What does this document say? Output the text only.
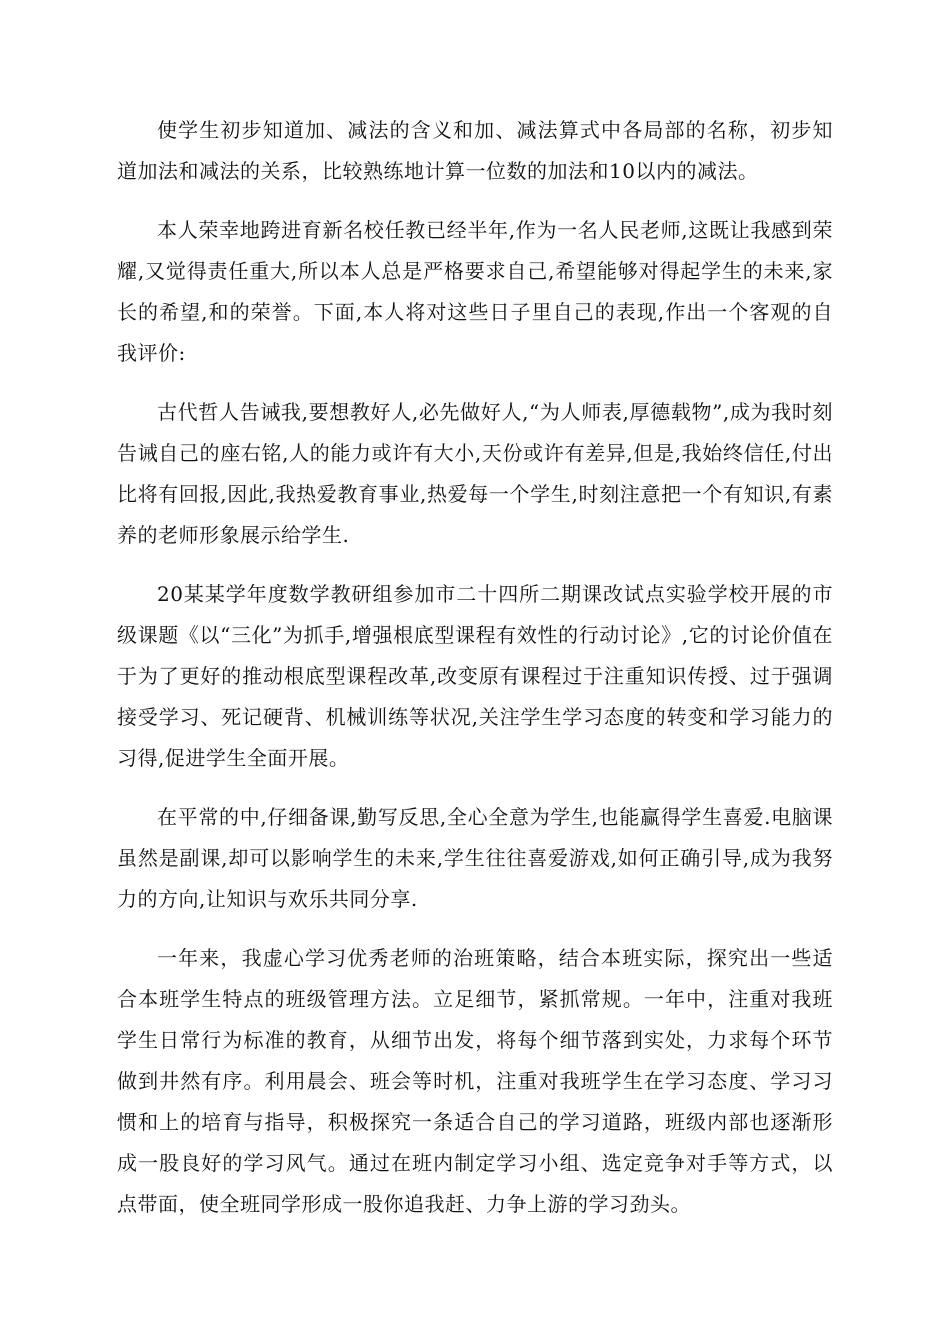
使学生初步知道加、减法的含义和加、减法算式中各局部的名称，初步知道加法和减法的关系，比较熟练地计算一位数的加法和10以内的减法。

本人荣幸地跨进育新名校任教已经半年,作为一名人民老师,这既让我感到荣耀,又觉得责任重大,所以本人总是严格要求自己,希望能够对得起学生的未来,家长的希望,和的荣誉。下面,本人将对这些日子里自己的表现,作出一个客观的自我评价:

古代哲人告诫我,要想教好人,必先做好人,“为人师表,厚德载物”,成为我时刻告诫自己的座右铭,人的能力或许有大小,天份或许有差异,但是,我始终信任,付出比将有回报,因此,我热爱教育事业,热爱每一个学生,时刻注意把一个有知识,有素养的老师形象展示给学生.

20某某学年度数学教研组参加市二十四所二期课改试点实验学校开展的市级课题《以“三化”为抓手,增强根底型课程有效性的行动讨论》,它的讨论价值在于为了更好的推动根底型课程改革,改变原有课程过于注重知识传授、过于强调接受学习、死记硬背、机械训练等状况,关注学生学习态度的转变和学习能力的习得,促进学生全面开展。

在平常的中,仔细备课,勤写反思,全心全意为学生,也能赢得学生喜爱.电脑课虽然是副课,却可以影响学生的未来,学生往往喜爱游戏,如何正确引导,成为我努力的方向,让知识与欢乐共同分享.

一年来，我虚心学习优秀老师的治班策略，结合本班实际，探究出一些适合本班学生特点的班级管理方法。立足细节，紧抓常规。一年中，注重对我班学生日常行为标准的教育，从细节出发，将每个细节落到实处，力求每个环节做到井然有序。利用晨会、班会等时机，注重对我班学生在学习态度、学习习惯和上的培育与指导，积极探究一条适合自己的学习道路，班级内部也逐渐形成一股良好的学习风气。通过在班内制定学习小组、选定竞争对手等方式，以点带面，使全班同学形成一股你追我赶、力争上游的学习劲头。
